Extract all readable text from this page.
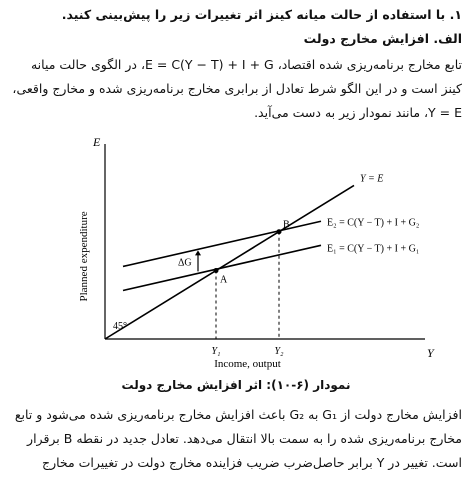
۱. با استفاده از حالت میانه کینز اثر تغییرات زیر را پیش‌بینی کنید.
الف. افزایش مخارج دولت
تابع مخارج برنامه‌ریزی شده اقتصاد، E = C(Y − T) + I + G، در الگوی حالت میانه
کینز است و در این الگو شرط تعادل از برابری مخارج برنامه‌ریزی شده و مخارج واقعی،
Y = E، مانند نمودار زیر به دست می‌آید.
E
Y
Planned expenditure
Income, output
Y = E
E₂ = C(Y − T) + I + G₂
E₁ = C(Y − T) + I + G₁
45°
A
B
Y₁	Y₂
ΔG
نمودار (۶-۱۰): اثر افزایش مخارج دولت
افزایش مخارج دولت از G₁ به G₂ باعث افزایش مخارج برنامه‌ریزی شده می‌شود و تابع
مخارج برنامه‌ریزی شده را به سمت بالا انتقال می‌دهد. تعادل جدید در نقطه B برقرار
است. تغییر در Y برابر حاصل‌ضرب ضریب فزاینده مخارج دولت در تغییرات مخارج
